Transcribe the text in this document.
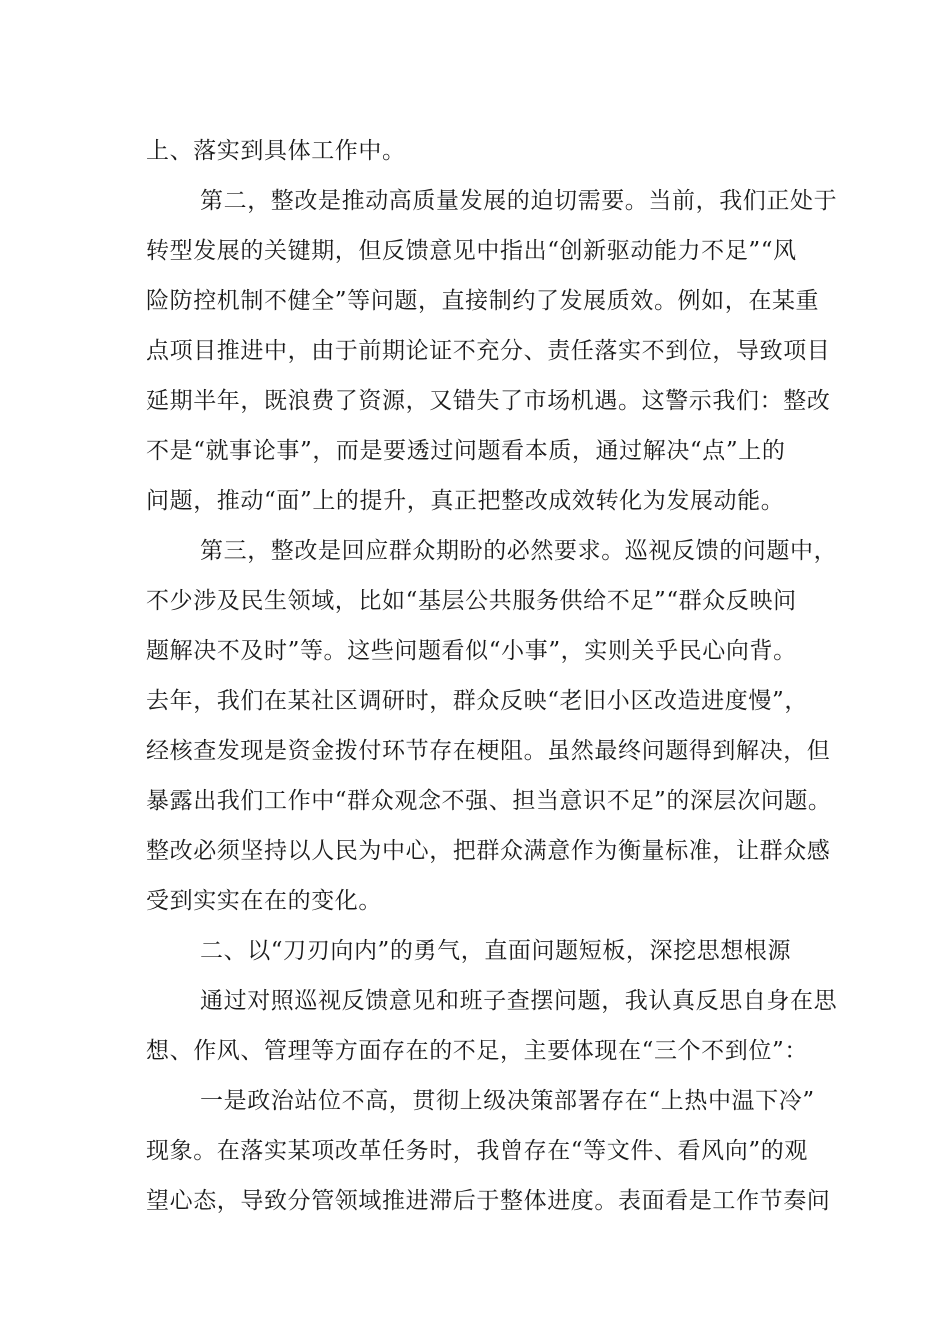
上、落实到具体工作中。
第二，整改是推动高质量发展的迫切需要。当前，我们正处于
转型发展的关键期，但反馈意见中指出“创新驱动能力不足”“风
险防控机制不健全”等问题，直接制约了发展质效。例如，在某重
点项目推进中，由于前期论证不充分、责任落实不到位，导致项目
延期半年，既浪费了资源，又错失了市场机遇。这警示我们：整改
不是“就事论事”，而是要透过问题看本质，通过解决“点”上的
问题，推动“面”上的提升，真正把整改成效转化为发展动能。
第三，整改是回应群众期盼的必然要求。巡视反馈的问题中，
不少涉及民生领域，比如“基层公共服务供给不足”“群众反映问
题解决不及时”等。这些问题看似“小事”，实则关乎民心向背。
去年，我们在某社区调研时，群众反映“老旧小区改造进度慢”，
经核查发现是资金拨付环节存在梗阻。虽然最终问题得到解决，但
暴露出我们工作中“群众观念不强、担当意识不足”的深层次问题。
整改必须坚持以人民为中心，把群众满意作为衡量标准，让群众感
受到实实在在的变化。
二、以“刀刃向内”的勇气，直面问题短板，深挖思想根源
通过对照巡视反馈意见和班子查摆问题，我认真反思自身在思
想、作风、管理等方面存在的不足，主要体现在“三个不到位”：
一是政治站位不高，贯彻上级决策部署存在“上热中温下冷”
现象。在落实某项改革任务时，我曾存在“等文件、看风向”的观
望心态，导致分管领域推进滞后于整体进度。表面看是工作节奏问
